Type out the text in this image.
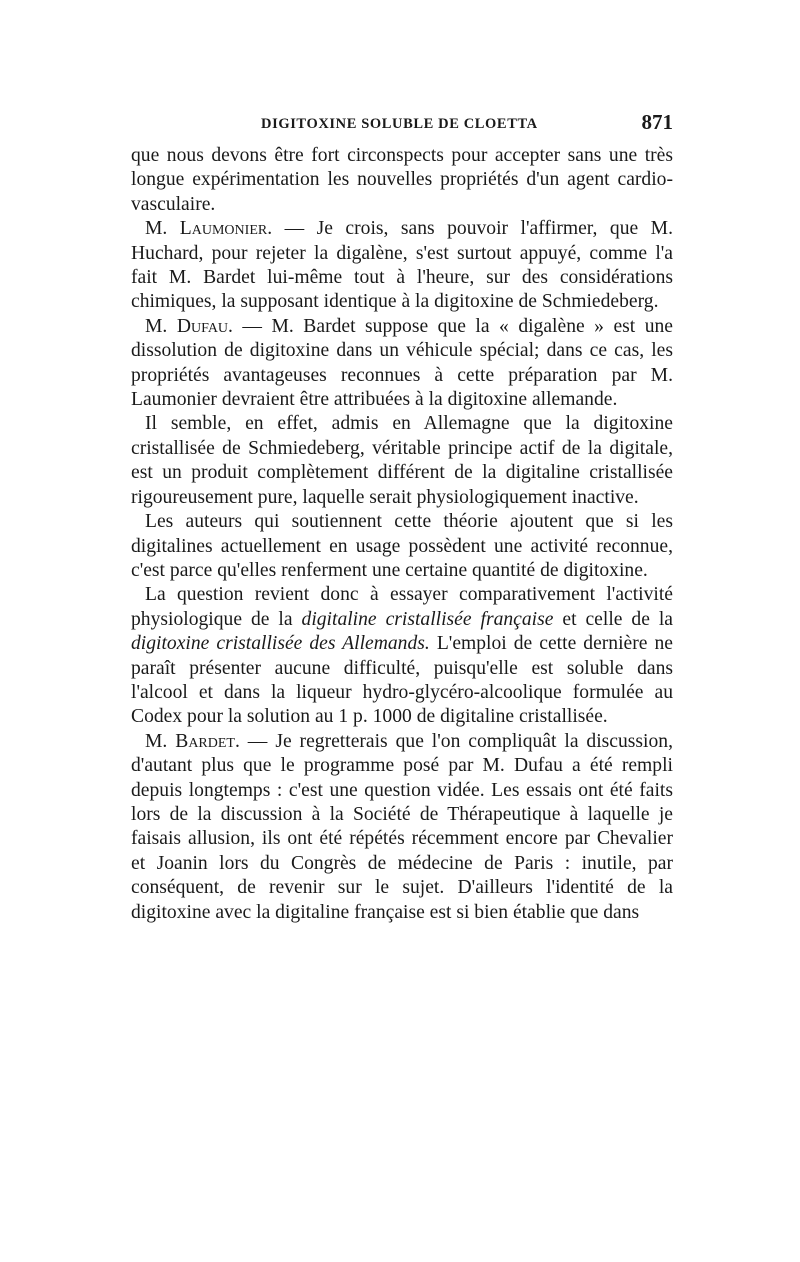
DIGITOXINE SOLUBLE DE CLOETTA	871

que nous devons être fort circonspects pour accepter sans une très longue expérimentation les nouvelles propriétés d'un agent cardio-vasculaire.

M. Laumonier. — Je crois, sans pouvoir l'affirmer, que M. Huchard, pour rejeter la digalène, s'est surtout appuyé, comme l'a fait M. Bardet lui-même tout à l'heure, sur des considérations chimiques, la supposant identique à la digitoxine de Schmiedeberg.

M. Dufau. — M. Bardet suppose que la « digalène » est une dissolution de digitoxine dans un véhicule spécial; dans ce cas, les propriétés avantageuses reconnues à cette préparation par M. Laumonier devraient être attribuées à la digitoxine allemande.

Il semble, en effet, admis en Allemagne que la digitoxine cristallisée de Schmiedeberg, véritable principe actif de la digitale, est un produit complètement différent de la digitaline cristallisée rigoureusement pure, laquelle serait physiologiquement inactive.

Les auteurs qui soutiennent cette théorie ajoutent que si les digitalines actuellement en usage possèdent une activité reconnue, c'est parce qu'elles renferment une certaine quantité de digitoxine.

La question revient donc à essayer comparativement l'activité physiologique de la digitaline cristallisée française et celle de la digitoxine cristallisée des Allemands. L'emploi de cette dernière ne paraît présenter aucune difficulté, puisqu'elle est soluble dans l'alcool et dans la liqueur hydro-glycéro-alcoolique formulée au Codex pour la solution au 1 p. 1000 de digitaline cristallisée.

M. Bardet. — Je regretterais que l'on compliquât la discussion, d'autant plus que le programme posé par M. Dufau a été rempli depuis longtemps : c'est une question vidée. Les essais ont été faits lors de la discussion à la Société de Thérapeutique à laquelle je faisais allusion, ils ont été répétés récemment encore par Chevalier et Joanin lors du Congrès de médecine de Paris : inutile, par conséquent, de revenir sur le sujet. D'ailleurs l'identité de la digitoxine avec la digitaline française est si bien établie que dans
